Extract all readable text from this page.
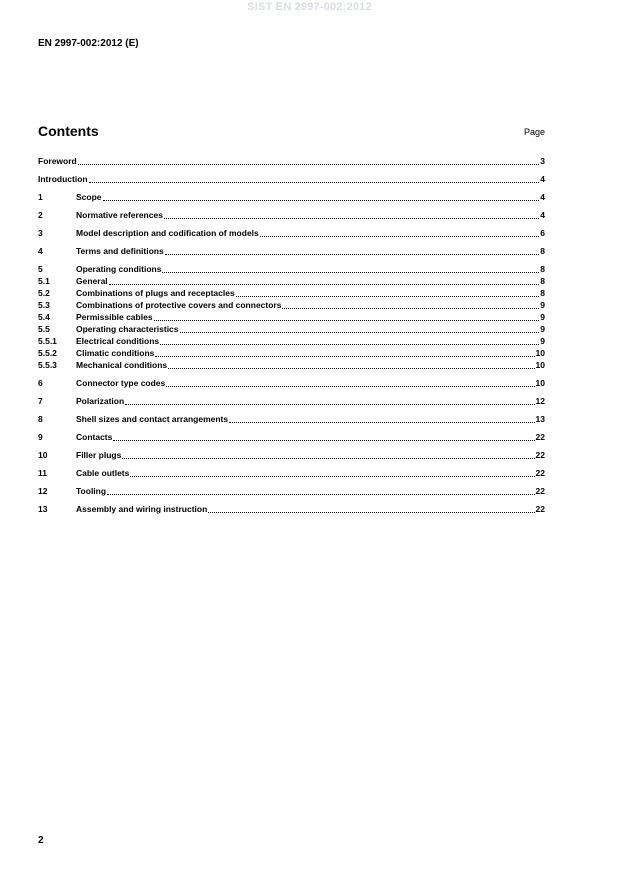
SIST EN 2997-002:2012
EN 2997-002:2012 (E)
Contents	Page
Foreword	3
Introduction	4
1	Scope	4
2	Normative references	4
3	Model description and codification of models	6
4	Terms and definitions	8
5	Operating conditions	8
5.1	General	8
5.2	Combinations of plugs and receptacles	8
5.3	Combinations of protective covers and connectors	9
5.4	Permissible cables	9
5.5	Operating characteristics	9
5.5.1	Electrical conditions	9
5.5.2	Climatic conditions	10
5.5.3	Mechanical conditions	10
6	Connector type codes	10
7	Polarization	12
8	Shell sizes and contact arrangements	13
9	Contacts	22
10	Filler plugs	22
11	Cable outlets	22
12	Tooling	22
13	Assembly and wiring instruction	22
2
